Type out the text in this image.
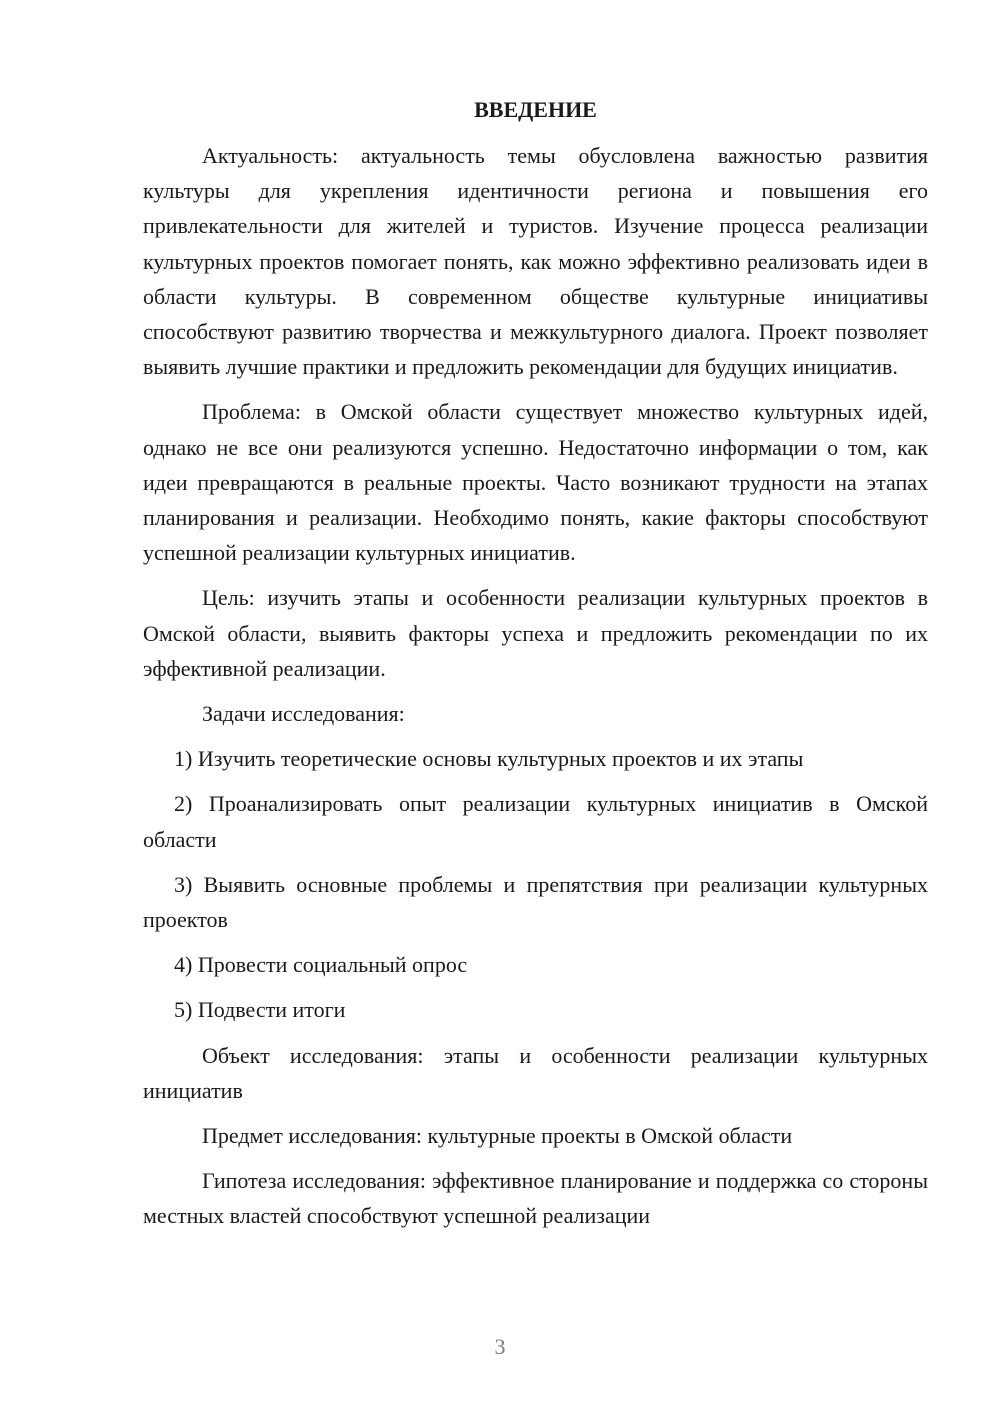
ВВЕДЕНИЕ
Актуальность: актуальность темы обусловлена важностью развития культуры для укрепления идентичности региона и повышения его привлекательности для жителей и туристов. Изучение процесса реализации культурных проектов помогает понять, как можно эффективно реализовать идеи в области культуры. В современном обществе культурные инициативы способствуют развитию творчества и межкультурного диалога. Проект позволяет выявить лучшие практики и предложить рекомендации для будущих инициатив.
Проблема: в Омской области существует множество культурных идей, однако не все они реализуются успешно. Недостаточно информации о том, как идеи превращаются в реальные проекты. Часто возникают трудности на этапах планирования и реализации. Необходимо понять, какие факторы способствуют успешной реализации культурных инициатив.
Цель: изучить этапы и особенности реализации культурных проектов в Омской области, выявить факторы успеха и предложить рекомендации по их эффективной реализации.
Задачи исследования:
1) Изучить теоретические основы культурных проектов и их этапы
2) Проанализировать опыт реализации культурных инициатив в Омской области
3) Выявить основные проблемы и препятствия при реализации культурных проектов
4) Провести социальный опрос
5) Подвести итоги
Объект исследования: этапы и особенности реализации культурных инициатив
Предмет исследования: культурные проекты в Омской области
Гипотеза исследования: эффективное планирование и поддержка со стороны местных властей способствуют успешной реализации
3
